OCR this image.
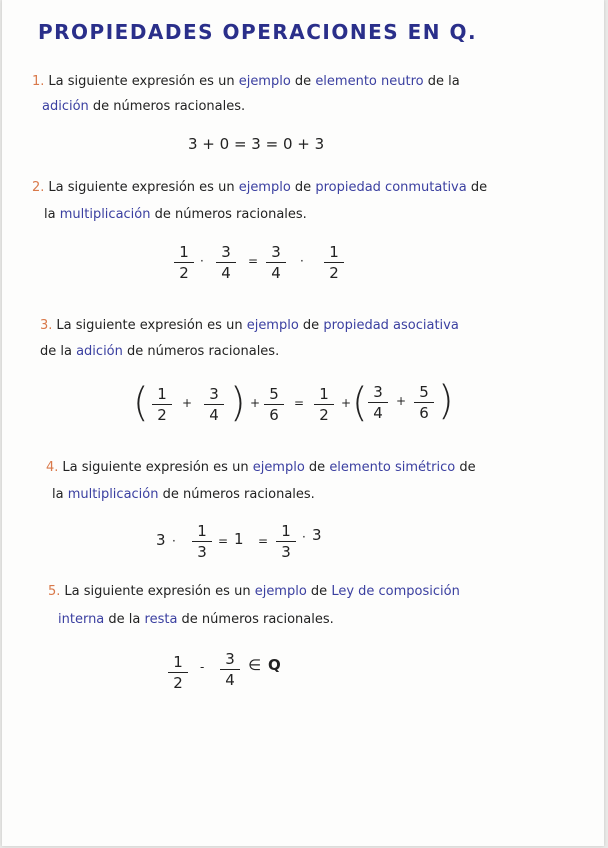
PROPIEDADES OPERACIONES EN Q.
1. La siguiente expresión es un ejemplo de elemento neutro de la
adición de números racionales.
3 + 0 = 3 = 0 + 3
2. La siguiente expresión es un ejemplo de propiedad conmutativa de
la multiplicación de números racionales.
1
2
·	3
4
= 3
4
·	1
2
3. La siguiente expresión es un ejemplo de propiedad asociativa
de la adición de números racionales.
( 1
2
+	3
4 ) + 5
6
=	1
2
+ ( 3
4
+ 5
6 )
4. La siguiente expresión es un ejemplo de elemento simétrico de
la multiplicación de números racionales.
3 ·
1
3
= 1 =
1
3
· 3
5. La siguiente expresión es un ejemplo de Ley de composición
interna de la resta de números racionales.
1
2
-	3
4
∈ Q
